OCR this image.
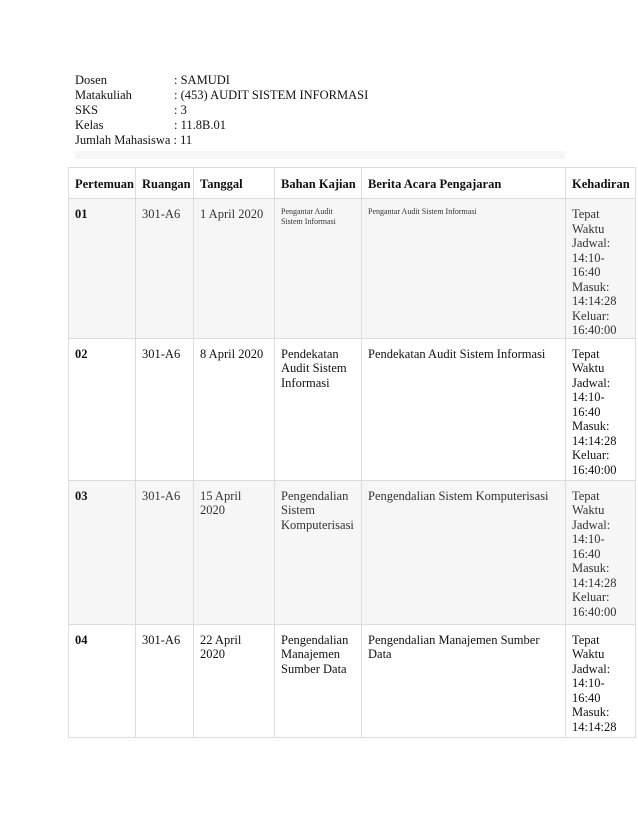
Dosen	: SAMUDI
Matakuliah	: (453) AUDIT SISTEM INFORMASI
SKS	: 3
Kelas	: 11.8B.01
Jumlah Mahasiswa : 11
Pertemuan	Ruangan	Tanggal	Bahan Kajian	Berita Acara Pengajaran	Kehadiran
01	301-A6	1 April 2020	Pengantar Audit Sistem Informasi	Pengantar Audit Sistem Informasi	Tepat Waktu Jadwal: 14:10-16:40 Masuk: 14:14:28 Keluar: 16:40:00
02	301-A6	8 April 2020	Pendekatan Audit Sistem Informasi	Pendekatan Audit Sistem Informasi	Tepat Waktu Jadwal: 14:10-16:40 Masuk: 14:14:28 Keluar: 16:40:00
03	301-A6	15 April 2020	Pengendalian Sistem Komputerisasi	Pengendalian Sistem Komputerisasi	Tepat Waktu Jadwal: 14:10-16:40 Masuk: 14:14:28 Keluar: 16:40:00
04	301-A6	22 April 2020	Pengendalian Manajemen Sumber Data	Pengendalian Manajemen Sumber Data	Tepat Waktu Jadwal: 14:10-16:40 Masuk: 14:14:28
